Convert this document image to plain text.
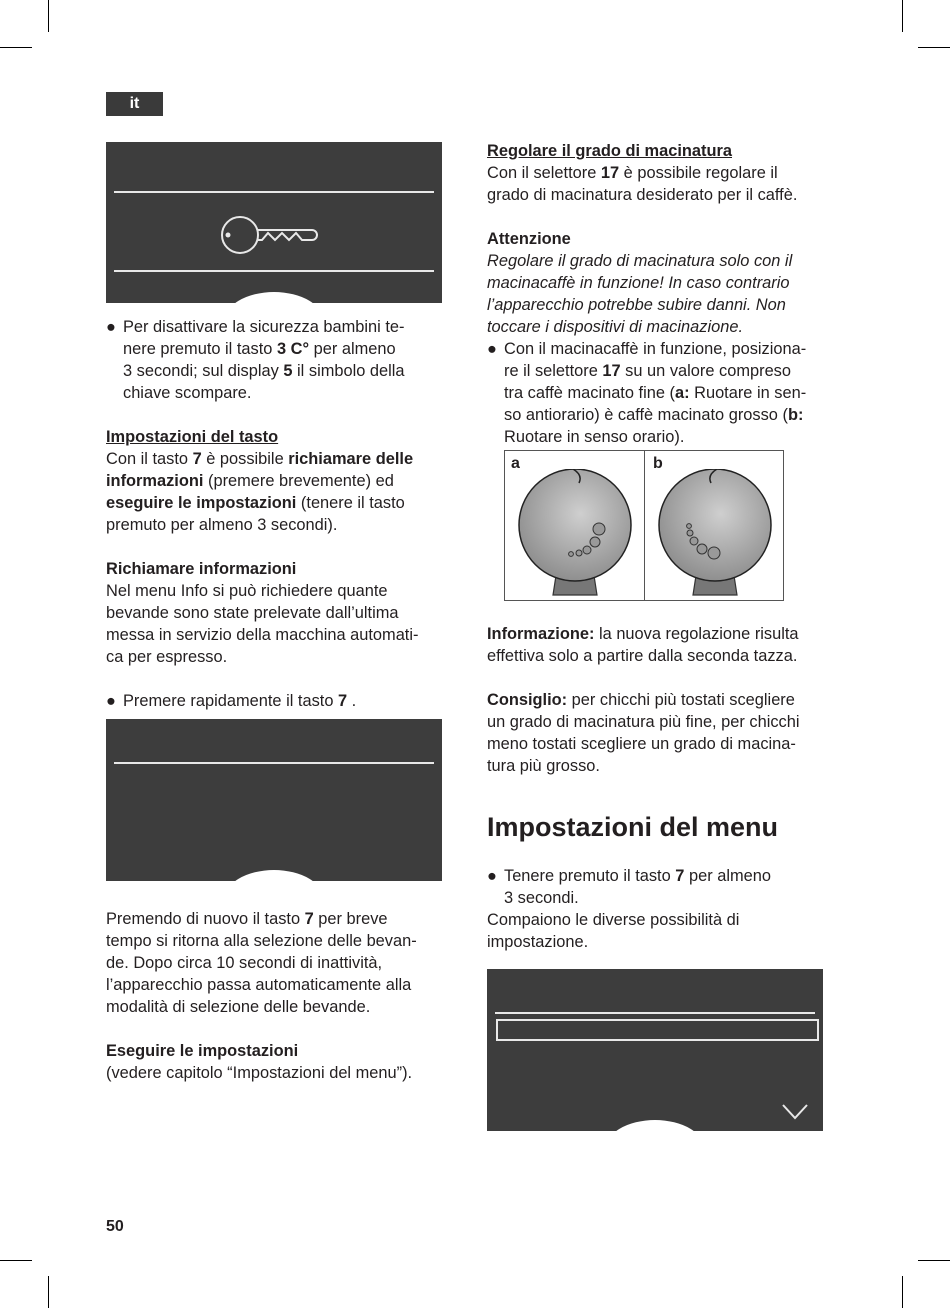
it
● Per disattivare la sicurezza bambini te-

nere premuto il tasto 3 C° per almeno

3 secondi; sul display 5 il simbolo della

chiave scompare.

Impostazioni del tasto

Con il tasto 7 è possibile richiamare delle

informazioni (premere brevemente) ed

eseguire le impostazioni (tenere il tasto

premuto per almeno 3 secondi).

Richiamare informazioni

Nel menu Info si può richiedere quante

bevande sono state prelevate dall’ultima

messa in servizio della macchina automati-

ca per espresso.

● Premere rapidamente il tasto 7 .

Premendo di nuovo il tasto 7 per breve

tempo si ritorna alla selezione delle bevan-

de. Dopo circa 10 secondi di inattività,

l’apparecchio passa automaticamente alla

modalità di selezione delle bevande.

Eseguire le impostazioni

(vedere capitolo “Impostazioni del menu”).

Regolare il grado di macinatura

Con il selettore 17 è possibile regolare il

grado di macinatura desiderato per il caffè.

Attenzione

Regolare il grado di macinatura solo con il

macinacaffè in funzione! In caso contrario

l’apparecchio potrebbe subire danni. Non

toccare i dispositivi di macinazione.

● Con il macinacaffè in funzione, posiziona-

re il selettore 17 su un valore compreso

tra caffè macinato fine (a: Ruotare in sen-

so antiorario) è caffè macinato grosso (b:

Ruotare in senso orario).

a	b

Informazione: la nuova regolazione risulta

effettiva solo a partire dalla seconda tazza.

Consiglio: per chicchi più tostati scegliere

un grado di macinatura più fine, per chicchi

meno tostati scegliere un grado di macina-

tura più grosso.

Impostazioni del menu
● Tenere premuto il tasto 7 per almeno

3 secondi.

Compaiono le diverse possibilità di

impostazione.

50
